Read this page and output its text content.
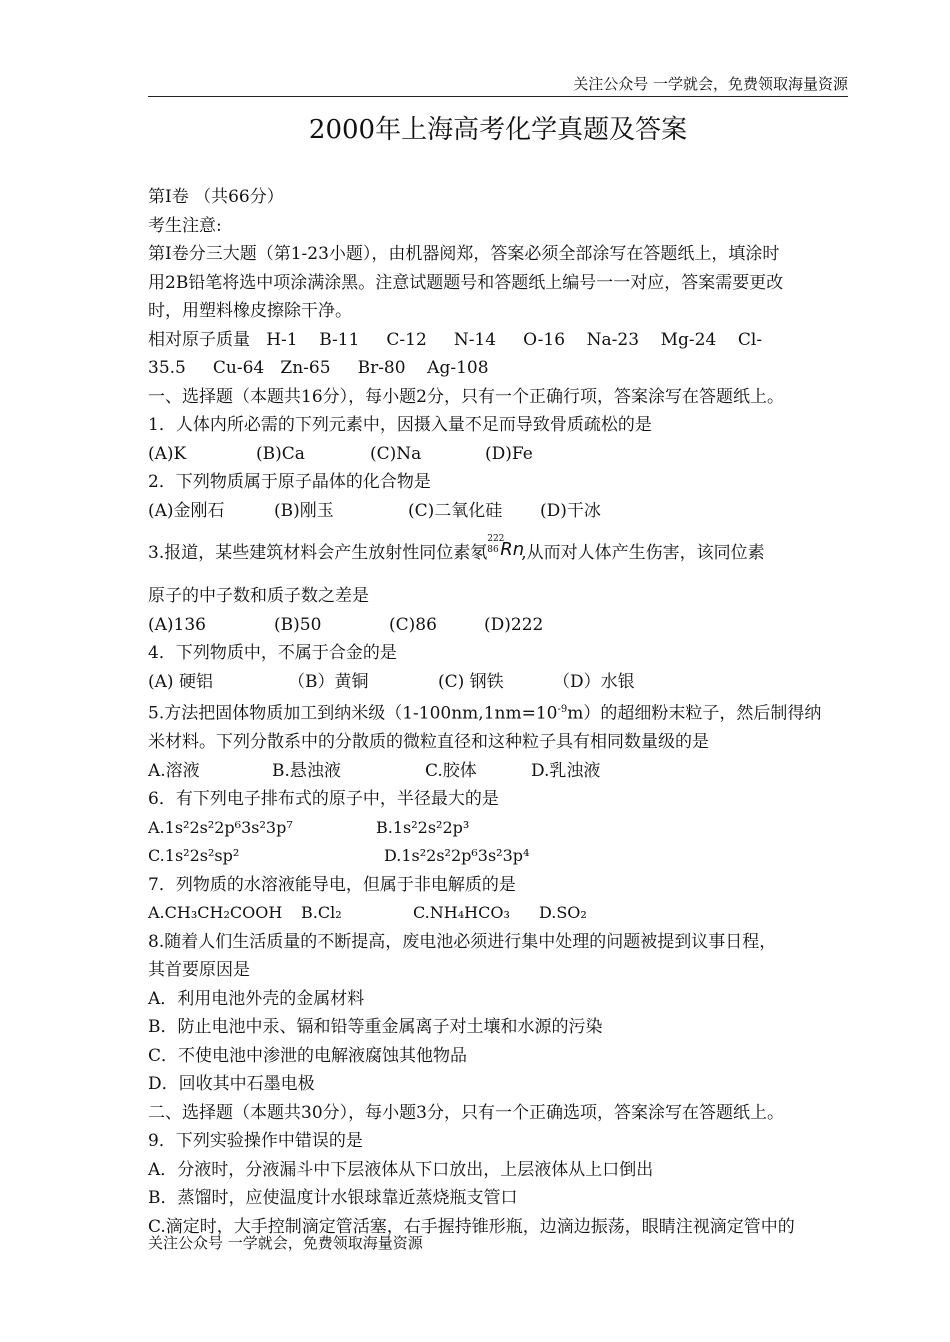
关注公众号 一学就会，免费领取海量资源
2000年上海高考化学真题及答案
第Ⅰ卷 （共66分）
考生注意:
第Ⅰ卷分三大题（第1-23小题），由机器阅郑，答案必须全部涂写在答题纸上，填涂时
用2B铅笔将选中项涂满涂黑。注意试题题号和答题纸上编号一一对应，答案需要更改
时，用塑料橡皮擦除干净。
相对原子质量   H-1    B-11     C-12     N-14     O-16    Na-23    Mg-24    Cl-
35.5     Cu-64   Zn-65     Br-80    Ag-108
一、选择题（本题共16分），每小题2分，只有一个正确行项，答案涂写在答题纸上。
1．人体内所必需的下列元素中，因摄入量不足而导致骨质疏松的是
(A)K	(B)Ca	(C)Na	(D)Fe
2．下列物质属于原子晶体的化合物是
(A)金刚石	(B)刚玉	(C)二氧化硅	(D)干冰
3.报道，某些建筑材料会产生放射性同位素氡
222
86 Rn
,从而对人体产生伤害，该同位素
原子的中子数和质子数之差是
(A)136	(B)50	(C)86	(D)222
4．下列物质中，不属于合金的是
(A) 硬铝	（B）黄铜	(C) 钢铁	（D）水银
5.方法把固体物质加工到纳米级$(1-100nm,1nm=10^{-9}m)$的超细粉末粒子，然后制得纳
米材料。下列分散系中的分散质的微粒直径和这种粒子具有相同数量级的是
A.溶液	B.悬浊液	C.胶体	D.乳浊液
6．有下列电子排布式的原子中，半径最大的是
A.1s²2s²2p⁶3s²3p⁷	B.1s²2s²2p³
C.1s²2s²sp²	D.1s²2s²2p⁶3s²3p⁴
7．列物质的水溶液能导电，但属于非电解质的是
A.CH₃CH₂COOH	B.Cl₂	C.NH₄HCO₃	D.SO₂
8.随着人们生活质量的不断提高，废电池必须进行集中处理的问题被提到议事日程，
其首要原因是
A．利用电池外壳的金属材料
B．防止电池中汞、镉和铅等重金属离子对土壤和水源的污染
C．不使电池中渗泄的电解液腐蚀其他物品
D．回收其中石墨电极
二、选择题（本题共30分），每小题3分，只有一个正确选项，答案涂写在答题纸上。
9．下列实验操作中错误的是
A．分液时，分液漏斗中下层液体从下口放出，上层液体从上口倒出
B．蒸馏时，应使温度计水银球靠近蒸烧瓶支管口
C.滴定时，大手控制滴定管活塞，右手握持锥形瓶，边滴边振荡，眼睛注视滴定管中的
关注公众号 一学就会，免费领取海量资源
